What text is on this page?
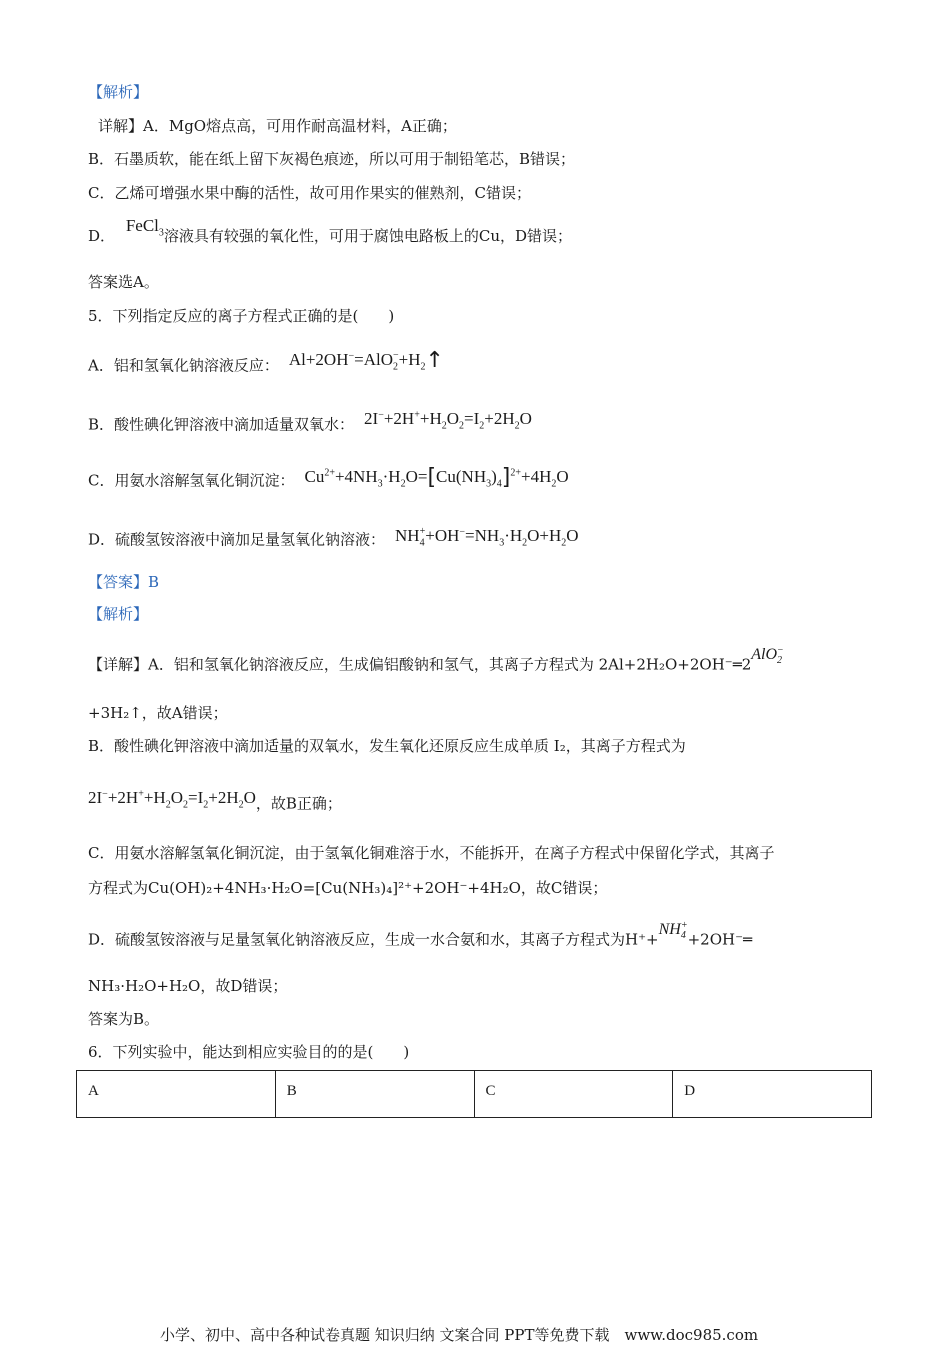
【解析】
详解】A．MgO熔点高，可用作耐高温材料，A正确；
B．石墨质软，能在纸上留下灰褐色痕迹，所以可用于制铅笔芯，B错误；
C．乙烯可增强水果中酶的活性，故可用作果实的催熟剂，C错误；
D． FeCl$_3$溶液具有较强的氧化性，可用于腐蚀电路板上的Cu，D错误；
答案选A。
5．下列指定反应的离子方程式正确的是(　　)
A．铝和氢氧化钠溶液反应： $Al+2OH^-=AlO_2^-+H_2↑$
B．酸性碘化钾溶液中滴加适量双氧水： $2I^-+2H^++H_2O_2=I_2+2H_2O$
C．用氨水溶解氢氧化铜沉淀： $Cu^{2+}+4NH_3\cdot H_2O=[Cu(NH_3)_4]^{2+}+4H_2O$
D．硫酸氢铵溶液中滴加足量氢氧化钠溶液： $NH_4^++OH^-=NH_3\cdot H_2O+H_2O$
【答案】B
【解析】
【详解】A．铝和氢氧化钠溶液反应，生成偏铝酸钠和氢气，其离子方程式为 2Al+2H₂O+2OH⁻═2AlO$_2$−
+3H₂↑，故A错误；
B．酸性碘化钾溶液中滴加适量的双氧水，发生氧化还原反应生成单质 I₂，其离子方程式为
$2I^-+2H^++H_2O_2=I_2+2H_2O$，故B正确；
C．用氨水溶解氢氧化铜沉淀，由于氢氧化铜难溶于水，不能拆开，在离子方程式中保留化学式，其离子
方程式为Cu(OH)₂+4NH₃·H₂O=[Cu(NH₃)₄]²⁺+2OH⁻+4H₂O，故C错误；
D．硫酸氢铵溶液与足量氢氧化钠溶液反应，生成一水合氨和水，其离子方程式为$H^++NH_4^++2OH^-═$
NH₃·H₂O+H₂O，故D错误；
答案为B。
6．下列实验中，能达到相应实验目的的是(　　)
A	B	C	D
小学、初中、高中各种试卷真题 知识归纳 文案合同 PPT等免费下载　www.doc985.com
